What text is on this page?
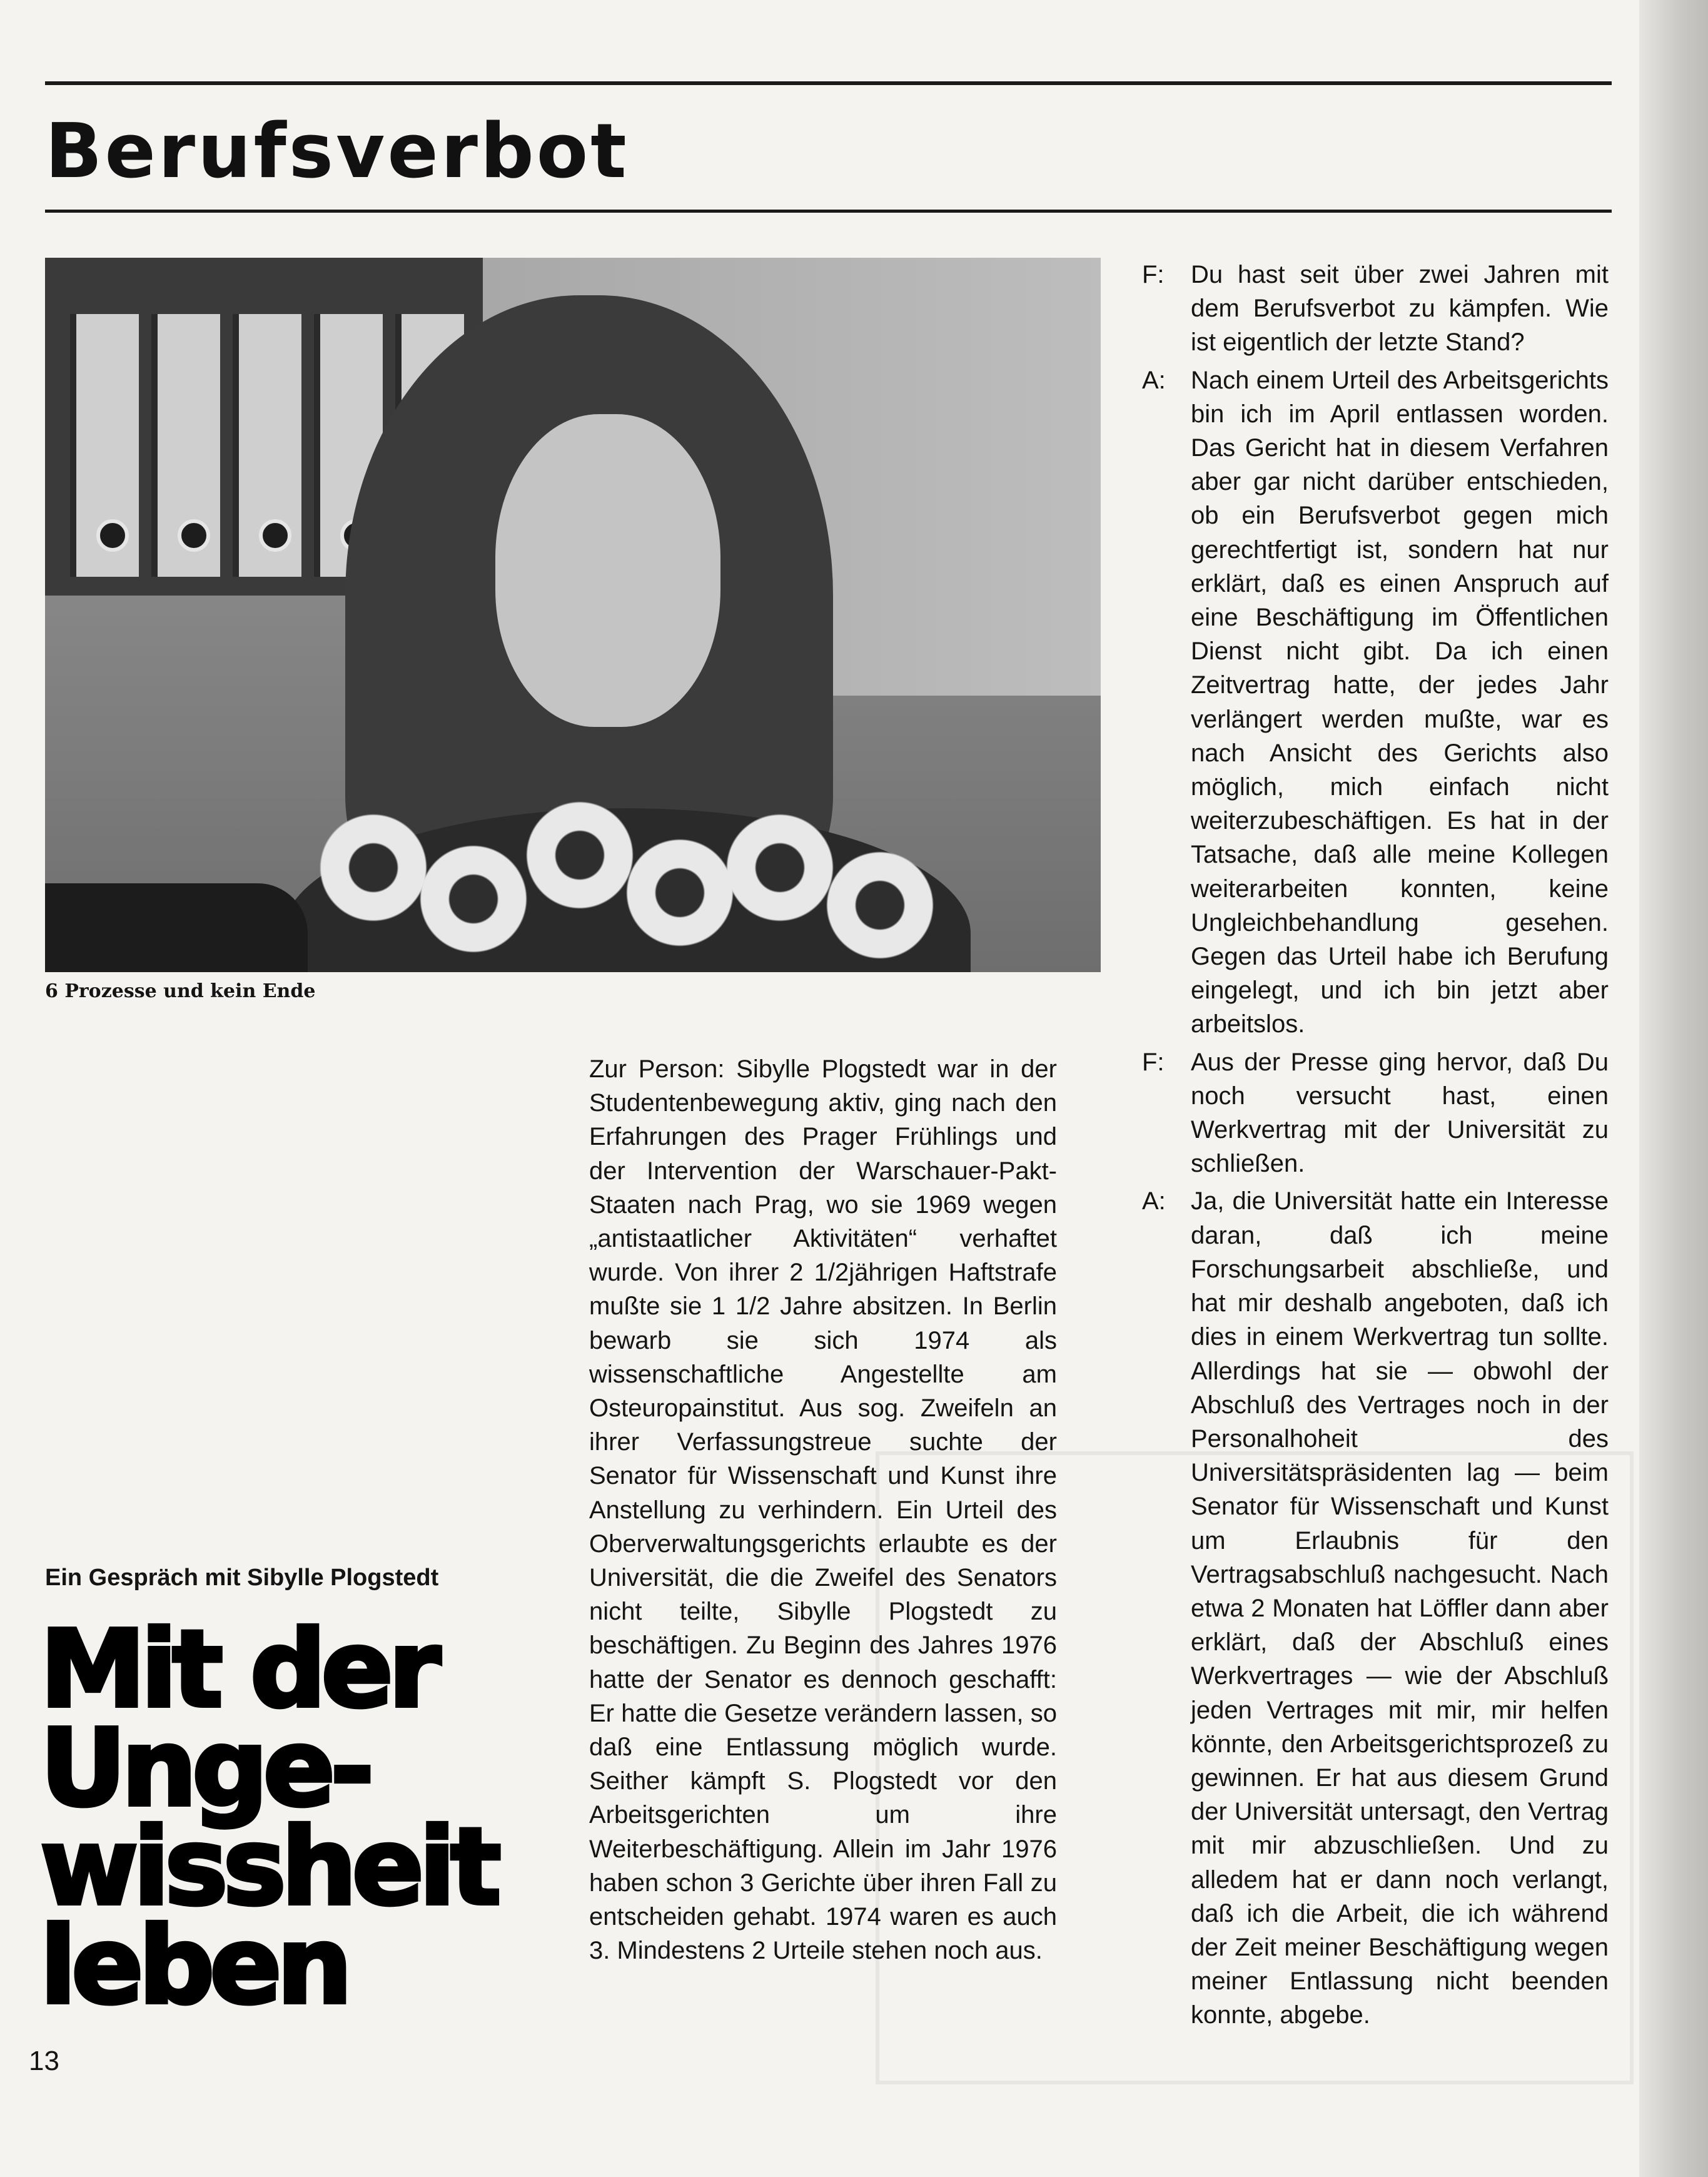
Berufsverbot

6 Prozesse und kein Ende

Zur Person: Sibylle Plogstedt war in der Studentenbewegung aktiv, ging nach den Erfahrungen des Prager Frühlings und der Intervention der Warschauer-Pakt-Staaten nach Prag, wo sie 1969 wegen „antistaatlicher Aktivitäten“ verhaftet wurde. Von ihrer 2 1/2jährigen Haftstrafe mußte sie 1 1/2 Jahre absitzen. In Berlin bewarb sie sich 1974 als wissenschaftliche Angestellte am Osteuropainstitut. Aus sog. Zweifeln an ihrer Verfassungstreue suchte der Senator für Wissenschaft und Kunst ihre Anstellung zu verhindern. Ein Urteil des Oberverwaltungsgerichts erlaubte es der Universität, die die Zweifel des Senators nicht teilte, Sibylle Plogstedt zu beschäftigen. Zu Beginn des Jahres 1976 hatte der Senator es dennoch geschafft: Er hatte die Gesetze verändern lassen, so daß eine Entlassung möglich wurde. Seither kämpft S. Plogstedt vor den Arbeitsgerichten um ihre Weiterbeschäftigung. Allein im Jahr 1976 haben schon 3 Gerichte über ihren Fall zu entscheiden gehabt. 1974 waren es auch 3. Mindestens 2 Urteile stehen noch aus.

F: Du hast seit über zwei Jahren mit dem Berufsverbot zu kämpfen. Wie ist eigentlich der letzte Stand?
A: Nach einem Urteil des Arbeitsgerichts bin ich im April entlassen worden. Das Gericht hat in diesem Verfahren aber gar nicht darüber entschieden, ob ein Berufsverbot gegen mich gerechtfertigt ist, sondern hat nur erklärt, daß es einen Anspruch auf eine Beschäftigung im Öffentlichen Dienst nicht gibt. Da ich einen Zeitvertrag hatte, der jedes Jahr verlängert werden mußte, war es nach Ansicht des Gerichts also möglich, mich einfach nicht weiterzubeschäftigen. Es hat in der Tatsache, daß alle meine Kollegen weiterarbeiten konnten, keine Ungleichbehandlung gesehen. Gegen das Urteil habe ich Berufung eingelegt, und ich bin jetzt aber arbeitslos.
F: Aus der Presse ging hervor, daß Du noch versucht hast, einen Werkvertrag mit der Universität zu schließen.
A: Ja, die Universität hatte ein Interesse daran, daß ich meine Forschungsarbeit abschließe, und hat mir deshalb angeboten, daß ich dies in einem Werkvertrag tun sollte. Allerdings hat sie — obwohl der Abschluß des Vertrages noch in der Personalhoheit des Universitätspräsidenten lag — beim Senator für Wissenschaft und Kunst um Erlaubnis für den Vertragsabschluß nachgesucht. Nach etwa 2 Monaten hat Löffler dann aber erklärt, daß der Abschluß eines Werkvertrages — wie der Abschluß jeden Vertrages mit mir, mir helfen könnte, den Arbeitsgerichtsprozeß zu gewinnen. Er hat aus diesem Grund der Universität untersagt, den Vertrag mit mir abzuschließen. Und zu alledem hat er dann noch verlangt, daß ich die Arbeit, die ich während der Zeit meiner Beschäftigung wegen meiner Entlassung nicht beenden konnte, abgebe.

Ein Gespräch mit Sibylle Plogstedt

Mit der
Unge-
wissheit
leben

13
